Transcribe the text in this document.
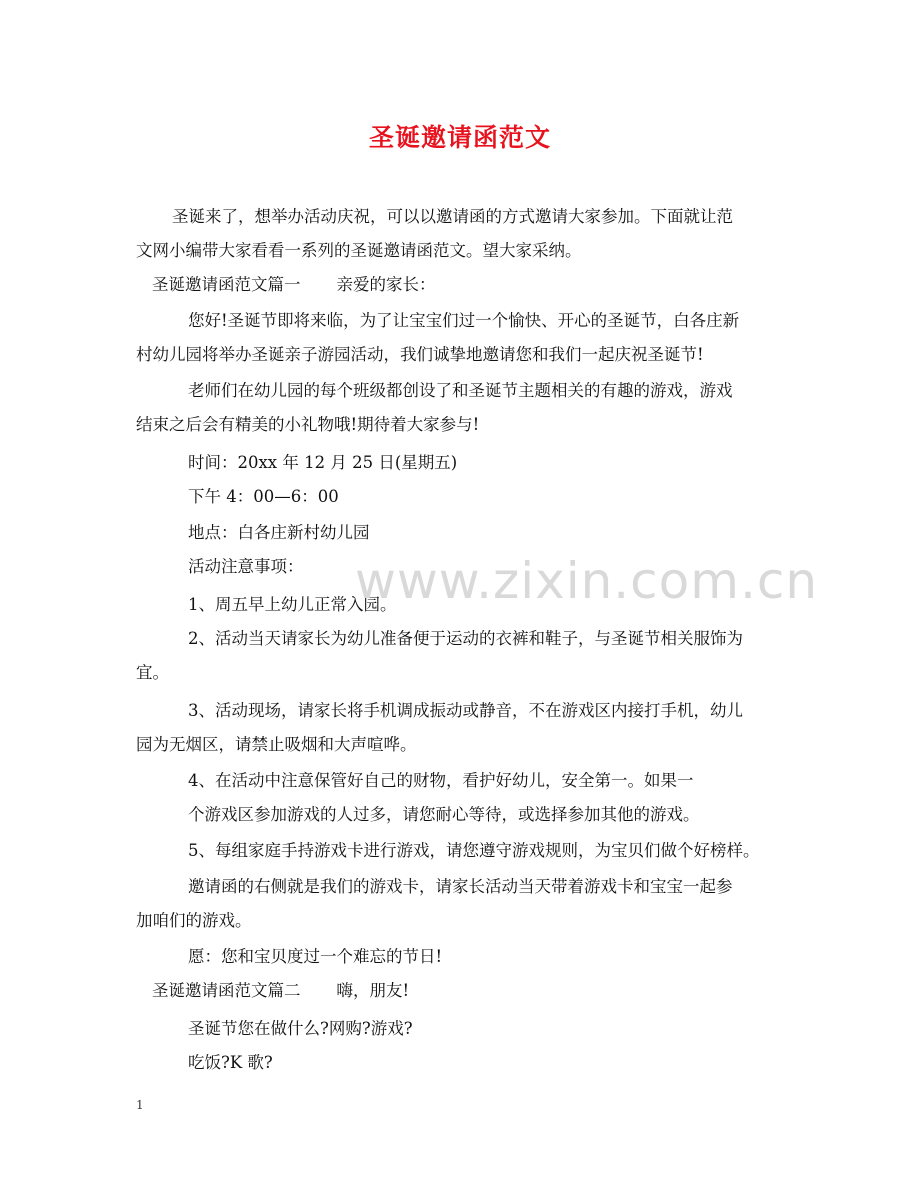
圣诞邀请函范文
圣诞来了，想举办活动庆祝，可以以邀请函的方式邀请大家参加。下面就让范
文网小编带大家看看一系列的圣诞邀请函范文。望大家采纳。
圣诞邀请函范文篇一 亲爱的家长：
您好!圣诞节即将来临，为了让宝宝们过一个愉快、开心的圣诞节，白各庄新
村幼儿园将举办圣诞亲子游园活动，我们诚挚地邀请您和我们一起庆祝圣诞节!
老师们在幼儿园的每个班级都创设了和圣诞节主题相关的有趣的游戏，游戏
结束之后会有精美的小礼物哦!期待着大家参与!
时间：20xx 年 12 月 25 日(星期五)
下午 4：00—6：00
地点：白各庄新村幼儿园
活动注意事项：
1、周五早上幼儿正常入园。
2、活动当天请家长为幼儿准备便于运动的衣裤和鞋子，与圣诞节相关服饰为
宜。
3、活动现场，请家长将手机调成振动或静音，不在游戏区内接打手机，幼儿
园为无烟区，请禁止吸烟和大声喧哗。
4、在活动中注意保管好自己的财物，看护好幼儿，安全第一。如果一
个游戏区参加游戏的人过多，请您耐心等待，或选择参加其他的游戏。
5、每组家庭手持游戏卡进行游戏，请您遵守游戏规则，为宝贝们做个好榜样。
邀请函的右侧就是我们的游戏卡，请家长活动当天带着游戏卡和宝宝一起参
加咱们的游戏。
愿：您和宝贝度过一个难忘的节日!
圣诞邀请函范文篇二 嗨，朋友!
圣诞节您在做什么?网购?游戏?
吃饭?K 歌?
www.zixin.com.cn
1
